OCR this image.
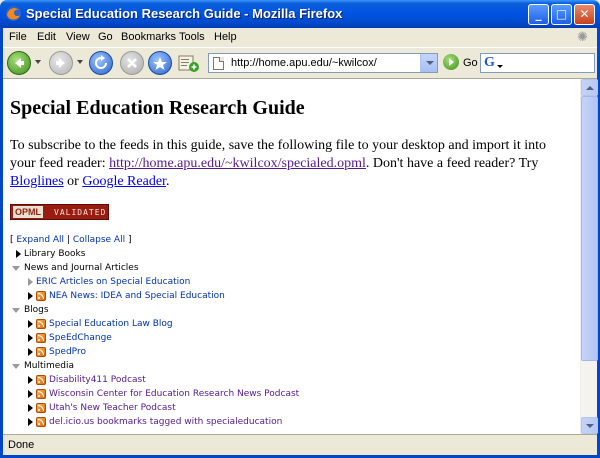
Special Education Research Guide - Mozilla Firefox	_	□	✕
File Edit View Go Bookmarks Tools Help	✺
http://home.apu.edu/~kwilcox/	Go G
Special Education Research Guide
To subscribe to the feeds in this guide, save the following file to your desktop and import it into your feed reader: http://home.apu.edu/~kwilcox/specialed.opml. Don't have a feed reader? Try Bloglines or Google Reader.
OPML VALIDATED
[ Expand All | Collapse All ]
Library Books
News and Journal Articles
ERIC Articles on Special Education
NEA News: IDEA and Special Education
Blogs
Special Education Law Blog
SpeEdChange
SpedPro
Multimedia
Disability411 Podcast
Wisconsin Center for Education Research News Podcast
Utah's New Teacher Podcast
del.icio.us bookmarks tagged with specialeducation
Done
